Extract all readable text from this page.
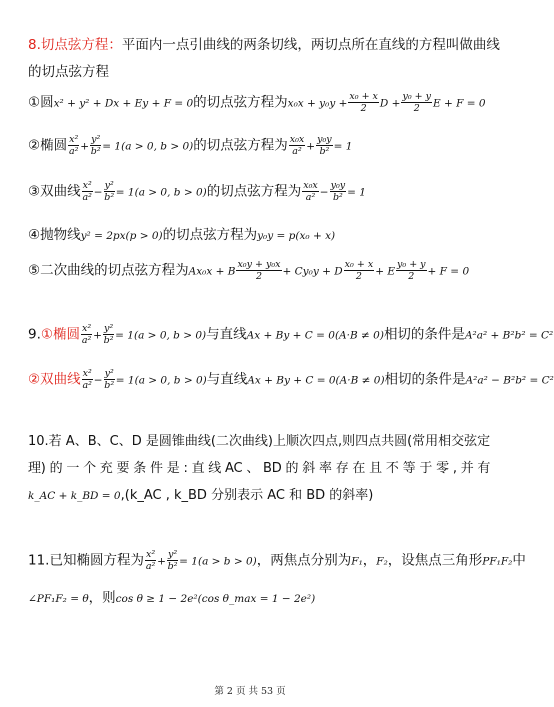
8.切点弦方程：平面内一点引曲线的两条切线，两切点所在直线的方程叫做曲线
的切点弦方程
①圆x² + y² + Dx + Ey + F = 0的切点弦方程为$x_0x + y_0y + \frac{\text{x₀ + x}}{2}$ $D + \frac{\text{y₀ + y}}{2}$ E + F = 0
②椭圆 $\frac{\text{x²}}{\text{a²}} + \frac{\text{y²}}{\text{b²}} = 1(a > 0$, b > 0)的切点弦方程为 $\frac{\text{x₀x}}{\text{a²}} + \frac{\text{y₀y}}{\text{b²}} = 1$
③双曲线 $\frac{\text{x²}}{\text{a²}} - \frac{\text{y²}}{\text{b²}} = 1(a > 0$, b > 0)的切点弦方程为 $\frac{\text{x₀x}}{\text{a²}} - \frac{\text{y₀y}}{\text{b²}} = 1$
④抛物线y² = 2px(p > 0)的切点弦方程为y₀y = p(x₀ + x)
⑤二次曲线的切点弦方程为Ax₀x + B $\frac{\text{x₀y + y₀x}}{2} + Cy_0y + D \frac{\text{x₀ + x}}{2} + E \frac{\text{y₀ + y}}{2} + F = 0$
9.①椭圆 $\frac{\text{x²}}{\text{a²}} + \frac{\text{y²}}{\text{b²}} = 1(a > 0$, b > 0)与直线Ax + By + C = 0(A·B ≠ 0)相切的条件是A²a² + B²b² = C²
②双曲线 $\frac{\text{x²}}{\text{a²}} - \frac{\text{y²}}{\text{b²}} = 1(a > 0$, b > 0)与直线Ax + By + C = 0(A·B ≠ 0)相切的条件是A²a² − B²b² = C²
10.若 A、B、C、D 是圆锥曲线(二次曲线)上顺次四点,则四点共圆(常用相交弦定
理) 的 一 个 充 要 条 件 是 : 直 线 AC 、 BD 的 斜 率 存 在 且 不 等 于 零 , 并 有
k_AC + k_BD = 0,(k_AC , k_BD 分别表示 AC 和 BD 的斜率)
11.已知椭圆方程为 $\frac{\text{x²}}{\text{a²}} + \frac{\text{y²}}{\text{b²}} = 1(a > b > 0)$，两焦点分别为F₁，F₂，设焦点三角形PF₁F₂中
∠PF₁F₂ = θ，则cos θ ≥ 1 − 2e²(cos θ_max = 1 − 2e²)
第 2 页 共 53 页
